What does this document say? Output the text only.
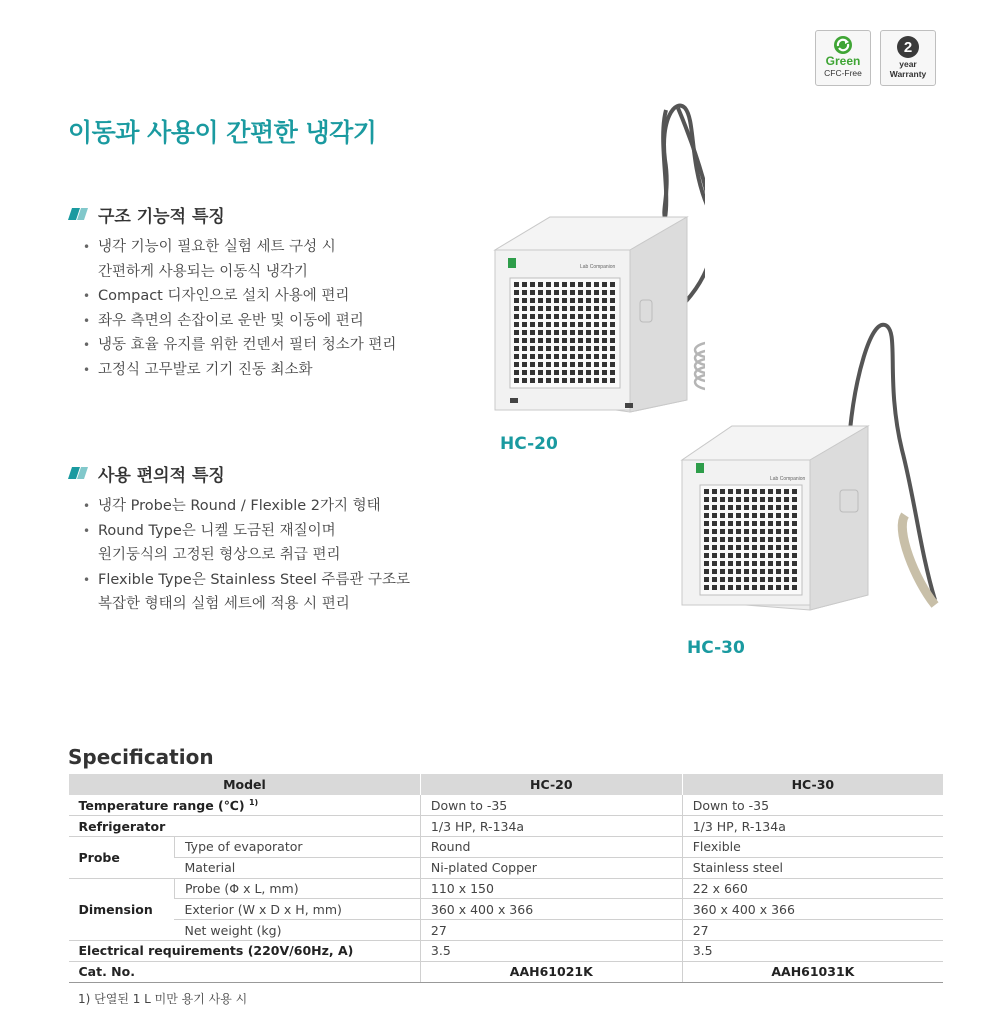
Green
CFC-Free
2
year
Warranty
이동과 사용이 간편한 냉각기
구조 기능적 특징
• 냉각 기능이 필요한 실험 세트 구성 시
간편하게 사용되는 이동식 냉각기
• Compact 디자인으로 설치 사용에 편리
• 좌우 측면의 손잡이로 운반 및 이동에 편리
• 냉동 효율 유지를 위한 컨덴서 필터 청소가 편리
• 고정식 고무발로 기기 진동 최소화
사용 편의적 특징
• 냉각 Probe는 Round / Flexible 2가지 형태
• Round Type은 니켈 도금된 재질이며
원기둥식의 고정된 형상으로 취급 편리
• Flexible Type은 Stainless Steel 주름관 구조로
복잡한 형태의 실험 세트에 적용 시 편리
Lab Companion
HC-20
Lab Companion
HC-30
Specification
Model		HC-20	HC-30
Temperature range (℃) $^{1)}$		Down to -35	Down to -35
Refrigerator		1/3 HP, R-134a	1/3 HP, R-134a
Probe	Type of evaporator	Round	Flexible
	Material	Ni-plated Copper	Stainless steel
Dimension	Probe (Φ x L, mm)	110 x 150	22 x 660
	Exterior (W x D x H, mm)	360 x 400 x 366	360 x 400 x 366
	Net weight (kg)	27	27
Electrical requirements (220V/60Hz, A)		3.5	3.5
Cat. No.		AAH61021K	AAH61031K
1) 단열된 1 L 미만 용기 사용 시
